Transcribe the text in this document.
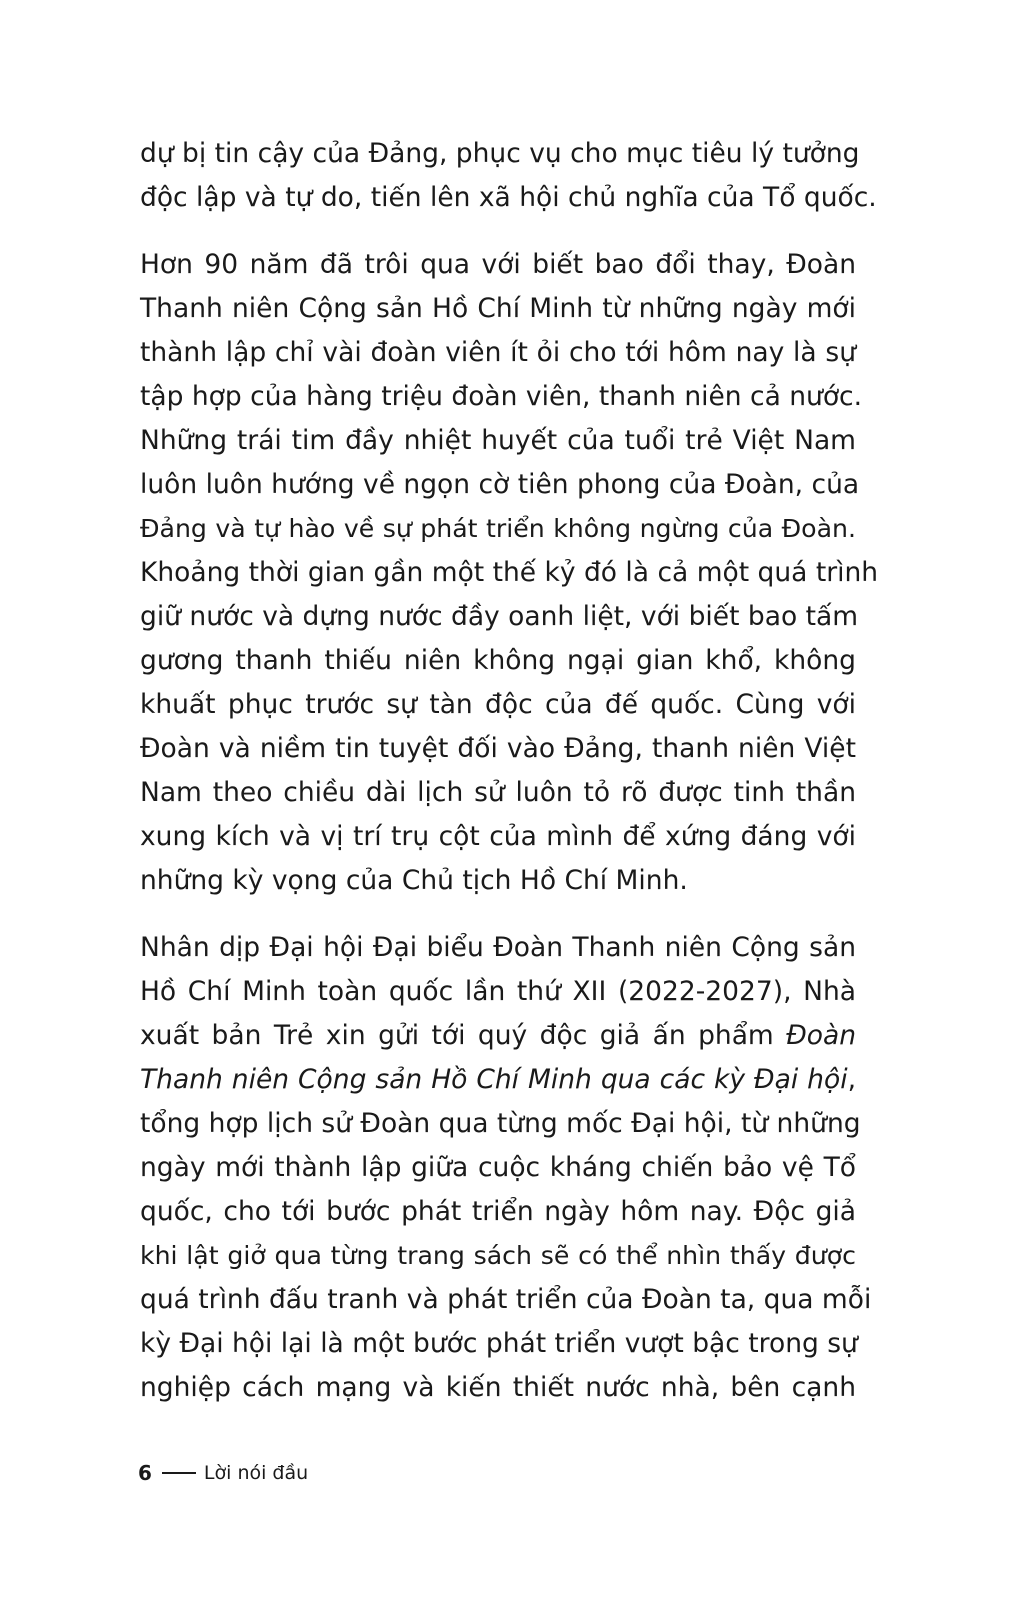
dự bị tin cậy của Đảng, phục vụ cho mục tiêu lý tưởng
độc lập và tự do, tiến lên xã hội chủ nghĩa của Tổ quốc.

Hơn 90 năm đã trôi qua với biết bao đổi thay, Đoàn
Thanh niên Cộng sản Hồ Chí Minh từ những ngày mới
thành lập chỉ vài đoàn viên ít ỏi cho tới hôm nay là sự
tập hợp của hàng triệu đoàn viên, thanh niên cả nước.
Những trái tim đầy nhiệt huyết của tuổi trẻ Việt Nam
luôn luôn hướng về ngọn cờ tiên phong của Đoàn, của
Đảng và tự hào về sự phát triển không ngừng của Đoàn.
Khoảng thời gian gần một thế kỷ đó là cả một quá trình
giữ nước và dựng nước đầy oanh liệt, với biết bao tấm
gương thanh thiếu niên không ngại gian khổ, không
khuất phục trước sự tàn độc của đế quốc. Cùng với
Đoàn và niềm tin tuyệt đối vào Đảng, thanh niên Việt
Nam theo chiều dài lịch sử luôn tỏ rõ được tinh thần
xung kích và vị trí trụ cột của mình để xứng đáng với
những kỳ vọng của Chủ tịch Hồ Chí Minh.

Nhân dịp Đại hội Đại biểu Đoàn Thanh niên Cộng sản
Hồ Chí Minh toàn quốc lần thứ XII (2022-2027), Nhà
xuất bản Trẻ xin gửi tới quý độc giả ấn phẩm Đoàn
Thanh niên Cộng sản Hồ Chí Minh qua các kỳ Đại hội,
tổng hợp lịch sử Đoàn qua từng mốc Đại hội, từ những
ngày mới thành lập giữa cuộc kháng chiến bảo vệ Tổ
quốc, cho tới bước phát triển ngày hôm nay. Độc giả
khi lật giở qua từng trang sách sẽ có thể nhìn thấy được
quá trình đấu tranh và phát triển của Đoàn ta, qua mỗi
kỳ Đại hội lại là một bước phát triển vượt bậc trong sự
nghiệp cách mạng và kiến thiết nước nhà, bên cạnh

6	Lời nói đầu
